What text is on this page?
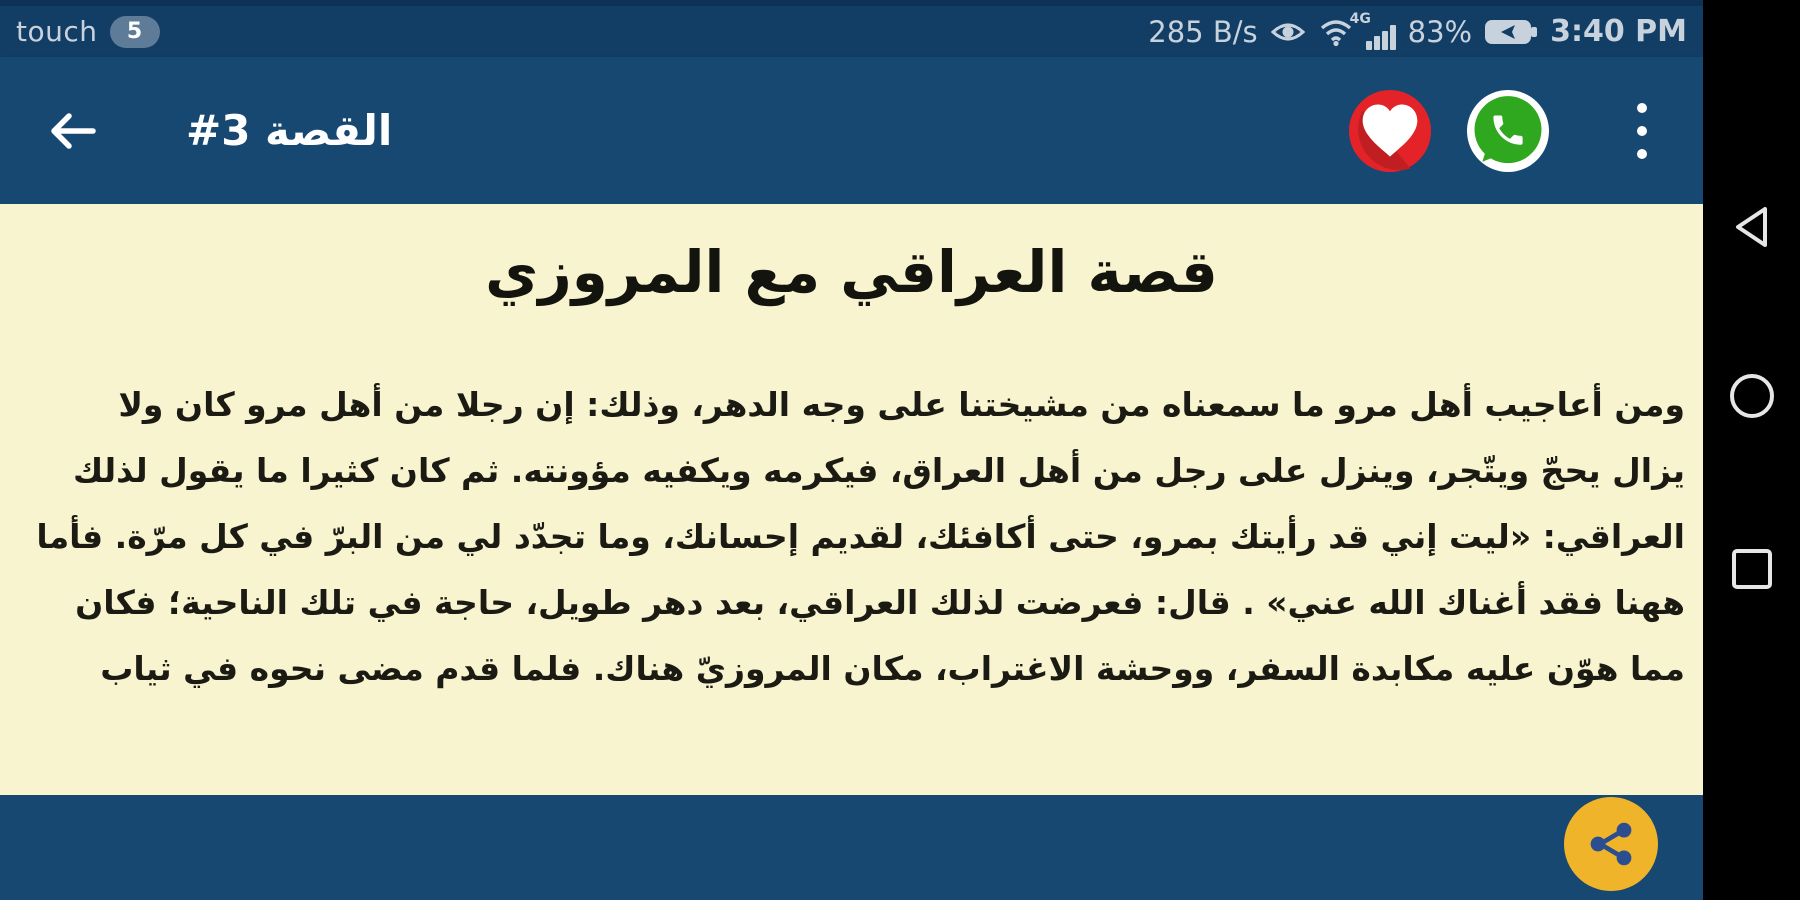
touch	5	285 B/s	4G 83%	3:40 PM
القصة 3#
قصة العراقي مع المروزي
ومن أعاجيب أهل مرو ما سمعناه من مشيختنا على وجه الدهر، وذلك: إن رجلا من أهل مرو كان ولا
يزال يحجّ ويتّجر، وينزل على رجل من أهل العراق، فيكرمه ويكفيه مؤونته. ثم كان كثيرا ما يقول لذلك
العراقي: «ليت إني قد رأيتك بمرو، حتى أكافئك، لقديم إحسانك، وما تجدّد لي من البرّ في كل مرّة. فأما
ههنا فقد أغناك الله عني» . قال: فعرضت لذلك العراقي، بعد دهر طويل، حاجة في تلك الناحية؛ فكان
مما هوّن عليه مكابدة السفر، ووحشة الاغتراب، مكان المروزيّ هناك. فلما قدم مضى نحوه في ثياب
